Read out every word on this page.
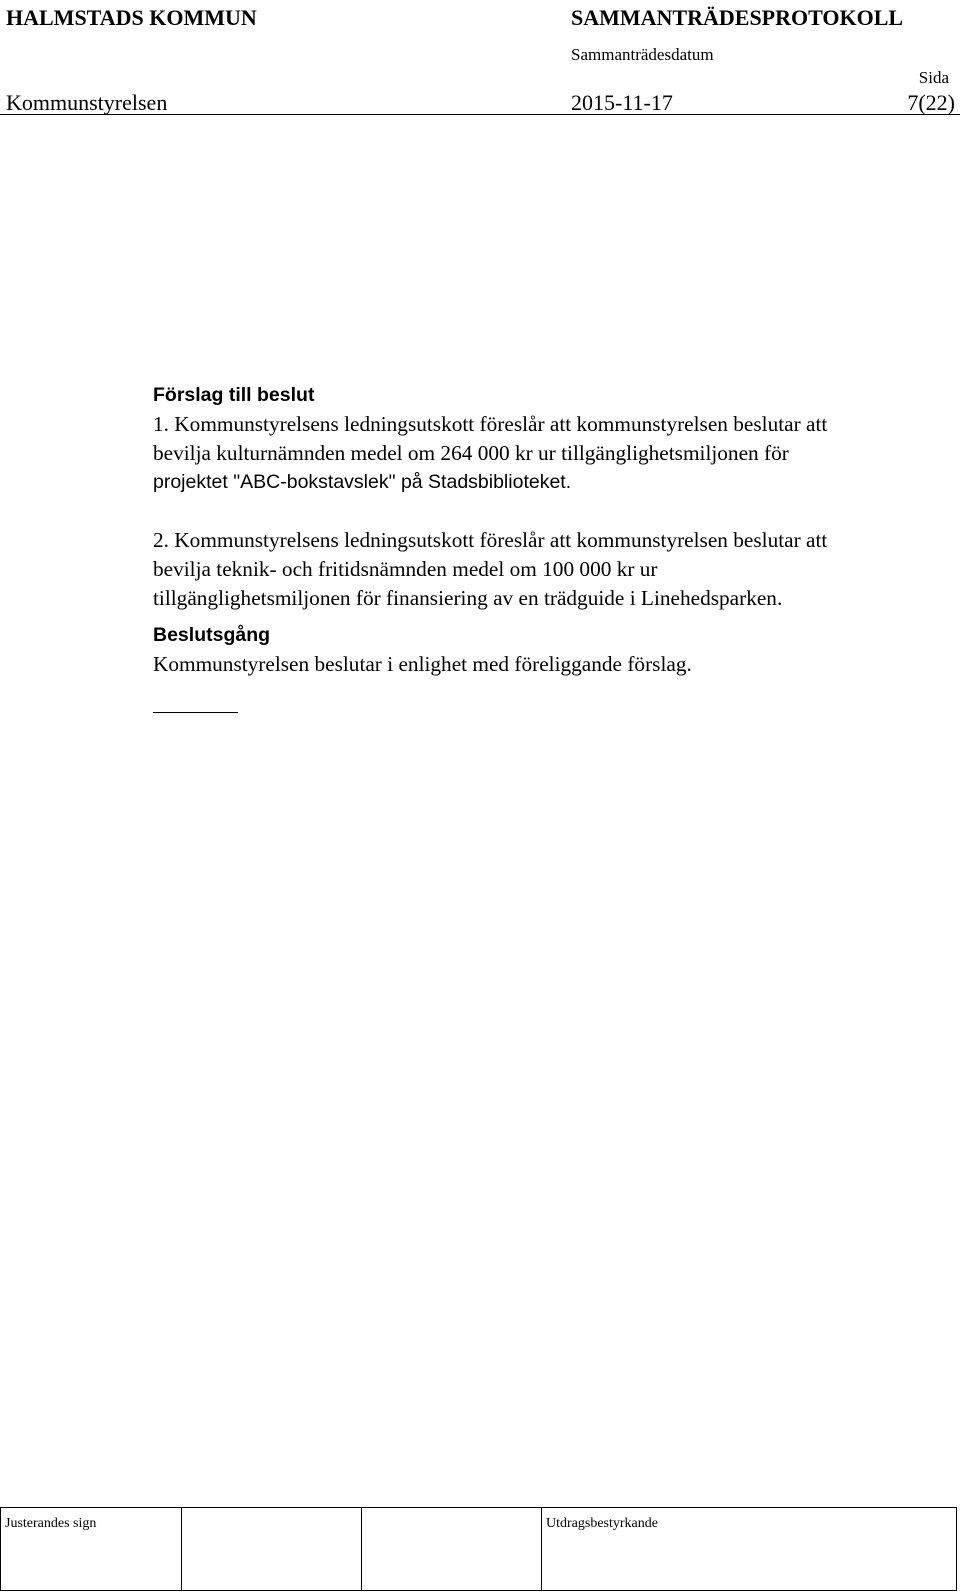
HALMSTADS KOMMUN	SAMMANTRÄDESPROTOKOLL
Sammanträdesdatum
Sida
Kommunstyrelsen	2015-11-17	7(22)

Förslag till beslut

1. Kommunstyrelsens ledningsutskott föreslår att kommunstyrelsen beslutar att

bevilja kulturnämnden medel om 264 000 kr ur tillgänglighetsmiljonen för

projektet "ABC-bokstavslek" på Stadsbiblioteket.

2. Kommunstyrelsens ledningsutskott föreslår att kommunstyrelsen beslutar att

bevilja teknik- och fritidsnämnden medel om 100 000 kr ur

tillgänglighetsmiljonen för finansiering av en trädguide i Linehedsparken.

Beslutsgång

Kommunstyrelsen beslutar i enlighet med föreliggande förslag.

Justerandes sign	Utdragsbestyrkande
